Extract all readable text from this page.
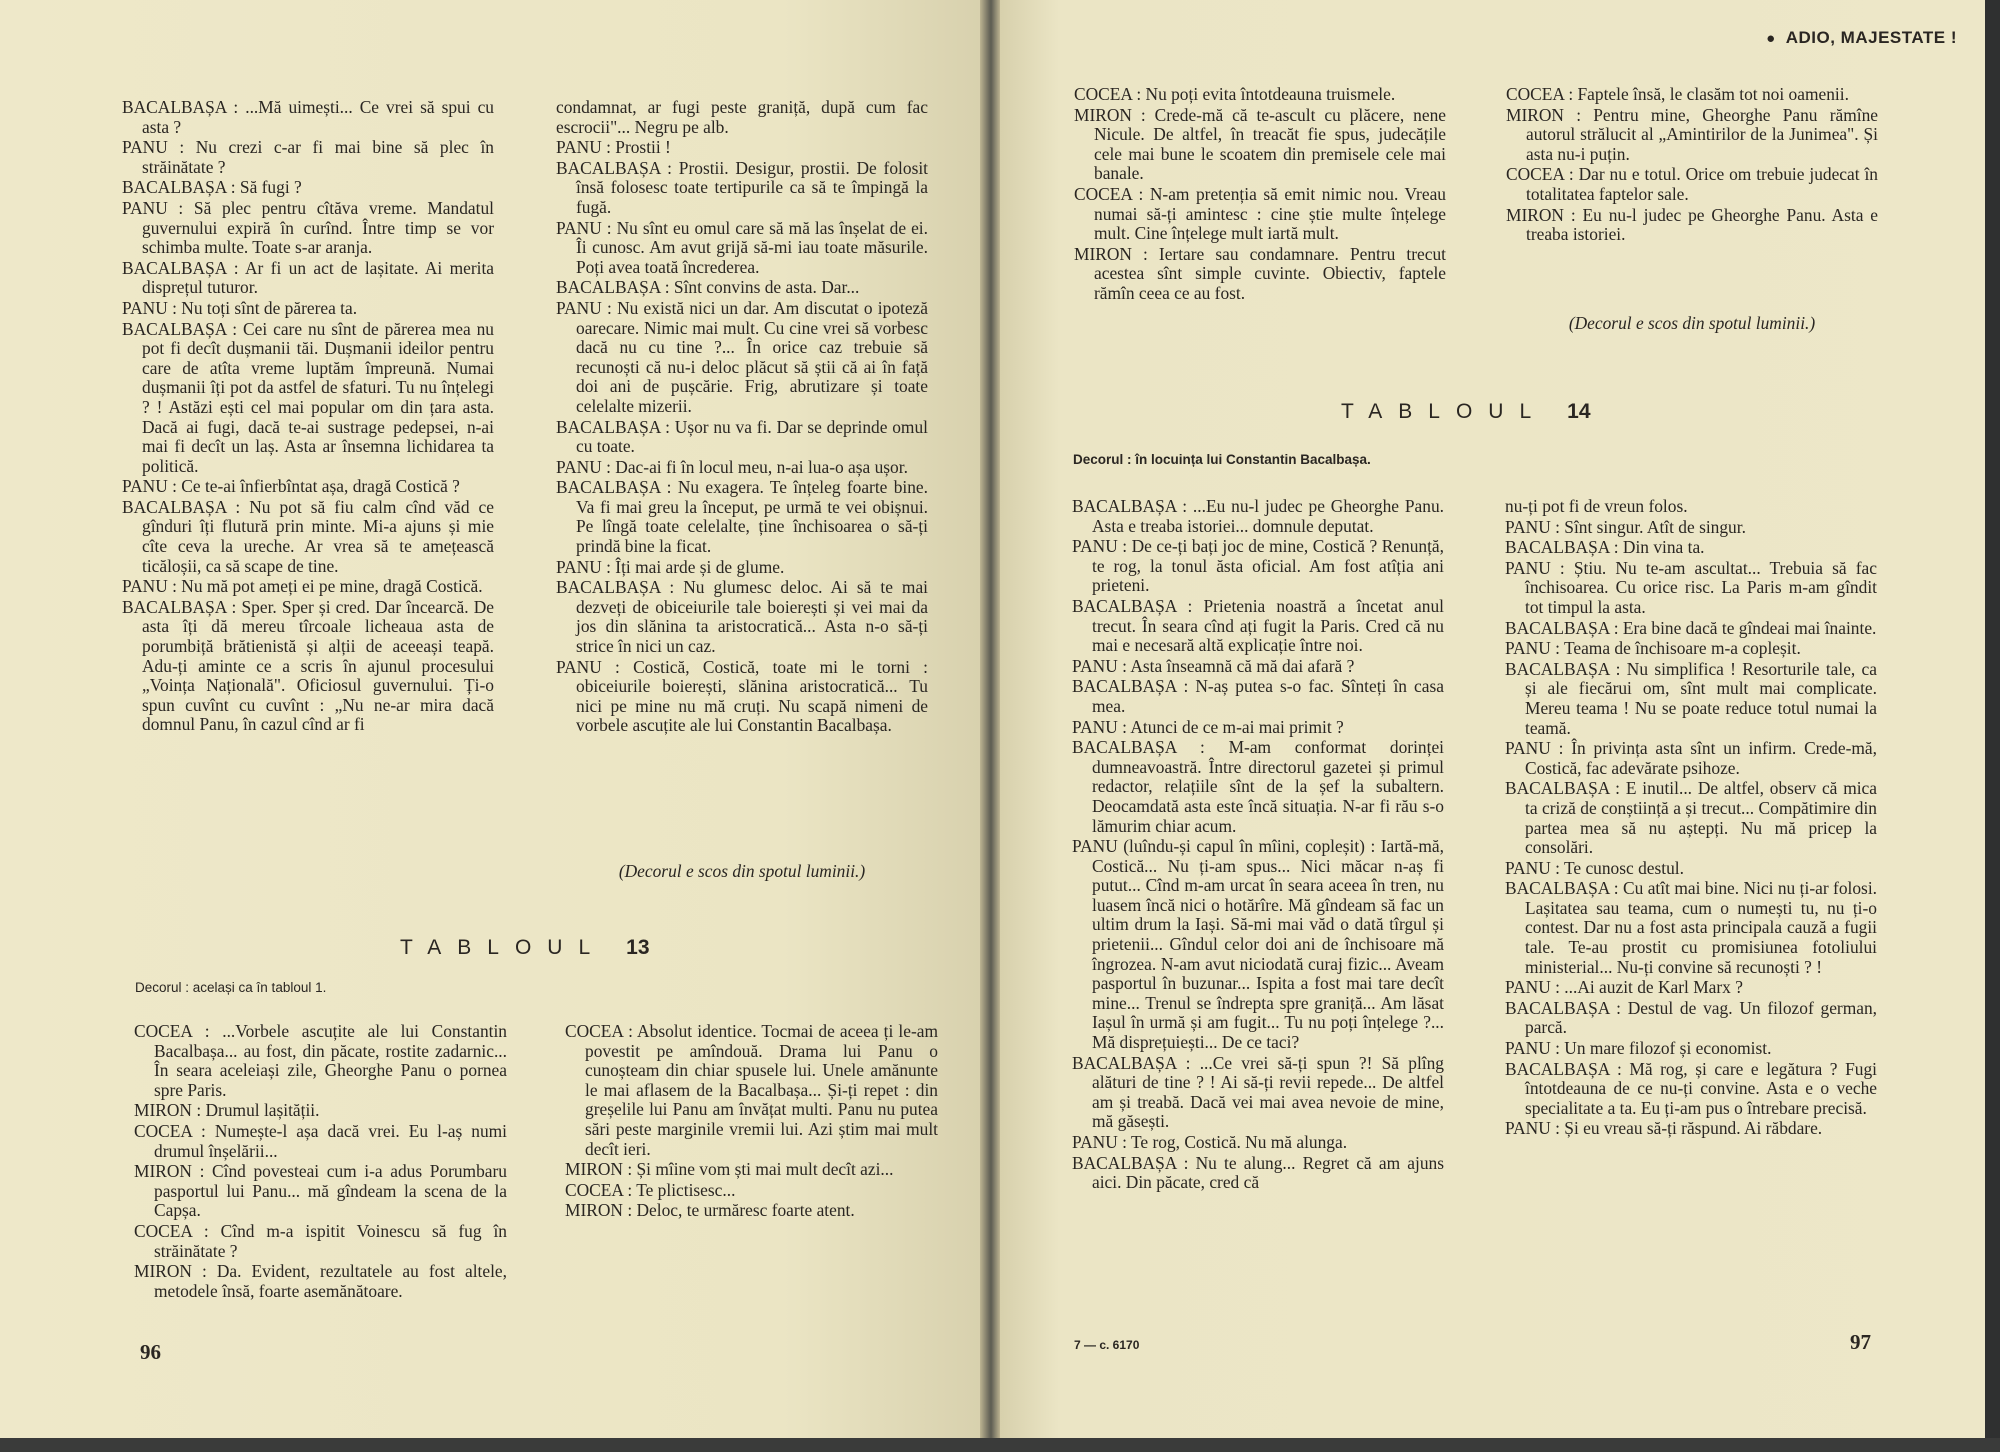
BACALBAȘA : ...Mă uimești... Ce vrei să spui cu asta ?

PANU : Nu crezi c-ar fi mai bine să plec în străinătate ?

BACALBAȘA : Să fugi ?

PANU : Să plec pentru cîtăva vreme. Mandatul guvernului expiră în curînd. Între timp se vor schimba multe. Toate s-ar aranja.

BACALBAȘA : Ar fi un act de lașitate. Ai merita disprețul tuturor.

PANU : Nu toți sînt de părerea ta.

BACALBAȘA : Cei care nu sînt de părerea mea nu pot fi decît dușmanii tăi. Dușmanii ideilor pentru care de atîta vreme luptăm împreună. Numai dușmanii îți pot da astfel de sfaturi. Tu nu înțelegi ? ! Astăzi ești cel mai popular om din țara asta. Dacă ai fugi, dacă te-ai sustrage pedepsei, n-ai mai fi decît un laș. Asta ar însemna lichidarea ta politică.

PANU : Ce te-ai înfierbîntat așa, dragă Costică ?

BACALBAȘA : Nu pot să fiu calm cînd văd ce gînduri îți flutură prin minte. Mi-a ajuns și mie cîte ceva la ureche. Ar vrea să te amețească ticăloșii, ca să scape de tine.

PANU : Nu mă pot ameți ei pe mine, dragă Costică.

BACALBAȘA : Sper. Sper și cred. Dar încearcă. De asta îți dă mereu tîrcoale licheaua asta de porumbiță brătienistă și alții de aceeași teapă. Adu-ți aminte ce a scris în ajunul procesului „Voința Națională". Oficiosul guvernului. Ți-o spun cuvînt cu cuvînt : „Nu ne-ar mira dacă domnul Panu, în cazul cînd ar fi

condamnat, ar fugi peste graniță, după cum fac escrocii"... Negru pe alb.

PANU : Prostii !

BACALBAȘA : Prostii. Desigur, prostii. De folosit însă folosesc toate tertipurile ca să te împingă la fugă.

PANU : Nu sînt eu omul care să mă las înșelat de ei. Îi cunosc. Am avut grijă să-mi iau toate măsurile. Poți avea toată încrederea.

BACALBAȘA : Sînt convins de asta. Dar...

PANU : Nu există nici un dar. Am discutat o ipoteză oarecare. Nimic mai mult. Cu cine vrei să vorbesc dacă nu cu tine ?... În orice caz trebuie să recunoști că nu-i deloc plăcut să știi că ai în față doi ani de pușcărie. Frig, abrutizare și toate celelalte mizerii.

BACALBAȘA : Ușor nu va fi. Dar se deprinde omul cu toate.

PANU : Dac-ai fi în locul meu, n-ai lua-o așa ușor.

BACALBAȘA : Nu exagera. Te înțeleg foarte bine. Va fi mai greu la început, pe urmă te vei obișnui. Pe lîngă toate celelalte, ține închisoarea o să-ți prindă bine la ficat.

PANU : Îți mai arde și de glume.

BACALBAȘA : Nu glumesc deloc. Ai să te mai dezveți de obiceiurile tale boierești și vei mai da jos din slănina ta aristocratică... Asta n-o să-ți strice în nici un caz.

PANU : Costică, Costică, toate mi le torni : obiceiurile boierești, slănina aristocratică... Tu nici pe mine nu mă cruți. Nu scapă nimeni de vorbele ascuțite ale lui Constantin Bacalbașa.

(Decorul e scos din spotul luminii.)

TABLOUL 13
Decorul : același ca în tabloul 1.

COCEA : ...Vorbele ascuțite ale lui Constantin Bacalbașa... au fost, din păcate, rostite zadarnic... În seara aceleiași zile, Gheorghe Panu o pornea spre Paris.

MIRON : Drumul lașității.

COCEA : Numește-l așa dacă vrei. Eu l-aș numi drumul înșelării...

MIRON : Cînd povesteai cum i-a adus Porumbaru pasportul lui Panu... mă gîndeam la scena de la Capșa.

COCEA : Cînd m-a ispitit Voinescu să fug în străinătate ?

MIRON : Da. Evident, rezultatele au fost altele, metodele însă, foarte asemănătoare.

COCEA : Absolut identice. Tocmai de aceea ți le-am povestit pe amîndouă. Drama lui Panu o cunoșteam din chiar spusele lui. Unele amănunte le mai aflasem de la Bacalbașa... Și-ți repet : din greșelile lui Panu am învățat multi. Panu nu putea sări peste marginile vremii lui. Azi știm mai mult decît ieri.

MIRON : Și mîine vom ști mai mult decît azi...

COCEA : Te plictisesc...

MIRON : Deloc, te urmăresc foarte atent.

96
● ADIO, MAJESTATE !

COCEA : Nu poți evita întotdeauna truismele.

MIRON : Crede-mă că te-ascult cu plăcere, nene Nicule. De altfel, în treacăt fie spus, judecățile cele mai bune le scoatem din premisele cele mai banale.

COCEA : N-am pretenția să emit nimic nou. Vreau numai să-ți amintesc : cine știe multe înțelege mult. Cine înțelege mult iartă mult.

MIRON : Iertare sau condamnare. Pentru trecut acestea sînt simple cuvinte. Obiectiv, faptele rămîn ceea ce au fost.

COCEA : Faptele însă, le clasăm tot noi oamenii.

MIRON : Pentru mine, Gheorghe Panu rămîne autorul strălucit al „Amintirilor de la Junimea". Și asta nu-i puțin.

COCEA : Dar nu e totul. Orice om trebuie judecat în totalitatea faptelor sale.

MIRON : Eu nu-l judec pe Gheorghe Panu. Asta e treaba istoriei.

(Decorul e scos din spotul luminii.)

TABLOUL 14
Decorul : în locuința lui Constantin Bacalbașa.

BACALBAȘA : ...Eu nu-l judec pe Gheorghe Panu. Asta e treaba istoriei... domnule deputat.

PANU : De ce-ți bați joc de mine, Costică ? Renunță, te rog, la tonul ăsta oficial. Am fost atîția ani prieteni.

BACALBAȘA : Prietenia noastră a încetat anul trecut. În seara cînd ați fugit la Paris. Cred că nu mai e necesară altă explicație între noi.

PANU : Asta înseamnă că mă dai afară ?

BACALBAȘA : N-aș putea s-o fac. Sînteți în casa mea.

PANU : Atunci de ce m-ai mai primit ?

BACALBAȘA : M-am conformat dorinței dumneavoastră. Între directorul gazetei și primul redactor, relațiile sînt de la șef la subaltern. Deocamdată asta este încă situația. N-ar fi rău s-o lămurim chiar acum.

PANU (luîndu-și capul în mîini, copleșit) : Iartă-mă, Costică... Nu ți-am spus... Nici măcar n-aș fi putut... Cînd m-am urcat în seara aceea în tren, nu luasem încă nici o hotărîre. Mă gîndeam să fac un ultim drum la Iași. Să-mi mai văd o dată tîrgul și prietenii... Gîndul celor doi ani de închisoare mă îngrozea. N-am avut niciodată curaj fizic... Aveam pasportul în buzunar... Ispita a fost mai tare decît mine... Trenul se îndrepta spre graniță... Am lăsat Iașul în urmă și am fugit... Tu nu poți înțelege ?... Mă disprețuiești... De ce taci?

BACALBAȘA : ...Ce vrei să-ți spun ?! Să plîng alături de tine ? ! Ai să-ți revii repede... De altfel am și treabă. Dacă vei mai avea nevoie de mine, mă găsești.

PANU : Te rog, Costică. Nu mă alunga.

BACALBAȘA : Nu te alung... Regret că am ajuns aici. Din păcate, cred că

nu-ți pot fi de vreun folos.

PANU : Sînt singur. Atît de singur.

BACALBAȘA : Din vina ta.

PANU : Știu. Nu te-am ascultat... Trebuia să fac închisoarea. Cu orice risc. La Paris m-am gîndit tot timpul la asta.

BACALBAȘA : Era bine dacă te gîndeai mai înainte.

PANU : Teama de închisoare m-a copleșit.

BACALBAȘA : Nu simplifica ! Resorturile tale, ca și ale fiecărui om, sînt mult mai complicate. Mereu teama ! Nu se poate reduce totul numai la teamă.

PANU : În privința asta sînt un infirm. Crede-mă, Costică, fac adevărate psihoze.

BACALBAȘA : E inutil... De altfel, observ că mica ta criză de conștiință a și trecut... Compătimire din partea mea să nu aștepți. Nu mă pricep la consolări.

PANU : Te cunosc destul.

BACALBAȘA : Cu atît mai bine. Nici nu ți-ar folosi. Lașitatea sau teama, cum o numești tu, nu ți-o contest. Dar nu a fost asta principala cauză a fugii tale. Te-au prostit cu promisiunea fotoliului ministerial... Nu-ți convine să recunoști ? !

PANU : ...Ai auzit de Karl Marx ?

BACALBAȘA : Destul de vag. Un filozof german, parcă.

PANU : Un mare filozof și economist.

BACALBAȘA : Mă rog, și care e legătura ? Fugi întotdeauna de ce nu-ți convine. Asta e o veche specialitate a ta. Eu ți-am pus o întrebare precisă.

PANU : Și eu vreau să-ți răspund. Ai răbdare.

7 — c. 6170	97
